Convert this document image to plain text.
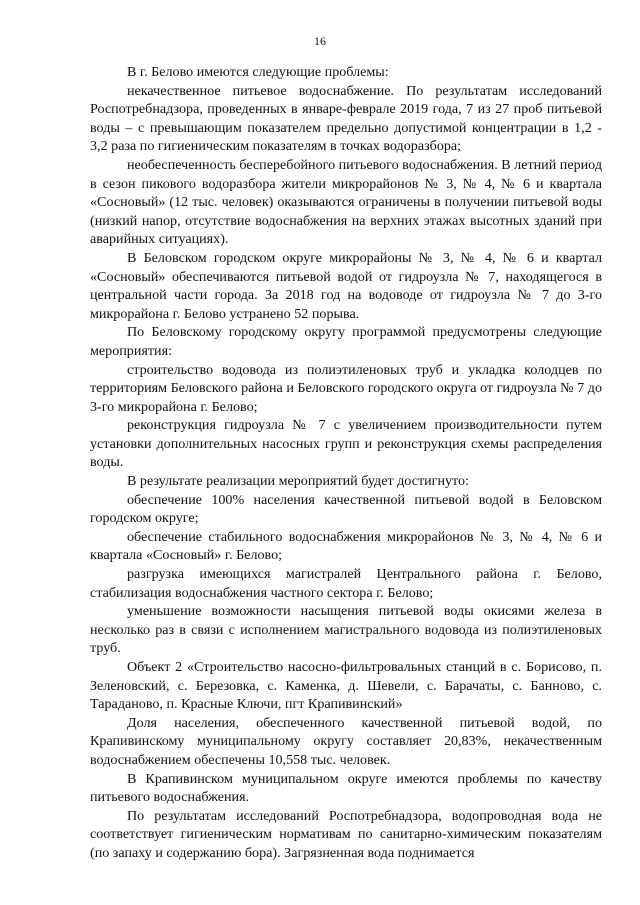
16

В г. Белово имеются следующие проблемы:

некачественное питьевое водоснабжение. По результатам исследований Роспотребнадзора, проведенных в январе-феврале 2019 года, 7 из 27 проб питьевой воды – с превышающим показателем предельно допустимой концентрации в 1,2 - 3,2 раза по гигиеническим показателям в точках водоразбора;

необеспеченность бесперебойного питьевого водоснабжения. В летний период в сезон пикового водоразбора жители микрорайонов № 3, № 4, № 6 и квартала «Сосновый» (12 тыс. человек) оказываются ограничены в получении питьевой воды (низкий напор, отсутствие водоснабжения на верхних этажах высотных зданий при аварийных ситуациях).

В Беловском городском округе микрорайоны № 3, № 4, № 6 и квартал «Сосновый» обеспечиваются питьевой водой от гидроузла № 7, находящегося в центральной части города. За 2018 год на водоводе от гидроузла № 7 до 3-го микрорайона г. Белово устранено 52 порыва.

По Беловскому городскому округу программой предусмотрены следующие мероприятия:

строительство водовода из полиэтиленовых труб и укладка колодцев по территориям Беловского района и Беловского городского округа от гидроузла № 7 до 3-го микрорайона г. Белово;

реконструкция гидроузла № 7 с увеличением производительности путем установки дополнительных насосных групп и реконструкция схемы распределения воды.

В результате реализации мероприятий будет достигнуто:

обеспечение 100% населения качественной питьевой водой в Беловском городском округе;

обеспечение стабильного водоснабжения микрорайонов № 3, № 4, № 6 и квартала «Сосновый» г. Белово;

разгрузка имеющихся магистралей Центрального района г. Белово, стабилизация водоснабжения частного сектора г. Белово;

уменьшение возможности насыщения питьевой воды окисями железа в несколько раз в связи с исполнением магистрального водовода из полиэтиленовых труб.

Объект 2 «Строительство насосно-фильтровальных станций в с. Борисово, п. Зеленовский, с. Березовка, с. Каменка, д. Шевели, с. Барачаты, с. Банново, с. Тараданово, п. Красные Ключи, пгт Крапивинский»

Доля населения, обеспеченного качественной питьевой водой, по Крапивинскому муниципальному округу составляет 20,83%, некачественным водоснабжением обеспечены 10,558 тыс. человек.

В Крапивинском муниципальном округе имеются проблемы по качеству питьевого водоснабжения.

По результатам исследований Роспотребнадзора, водопроводная вода не соответствует гигиеническим нормативам по санитарно-химическим показателям (по запаху и содержанию бора). Загрязненная вода поднимается
